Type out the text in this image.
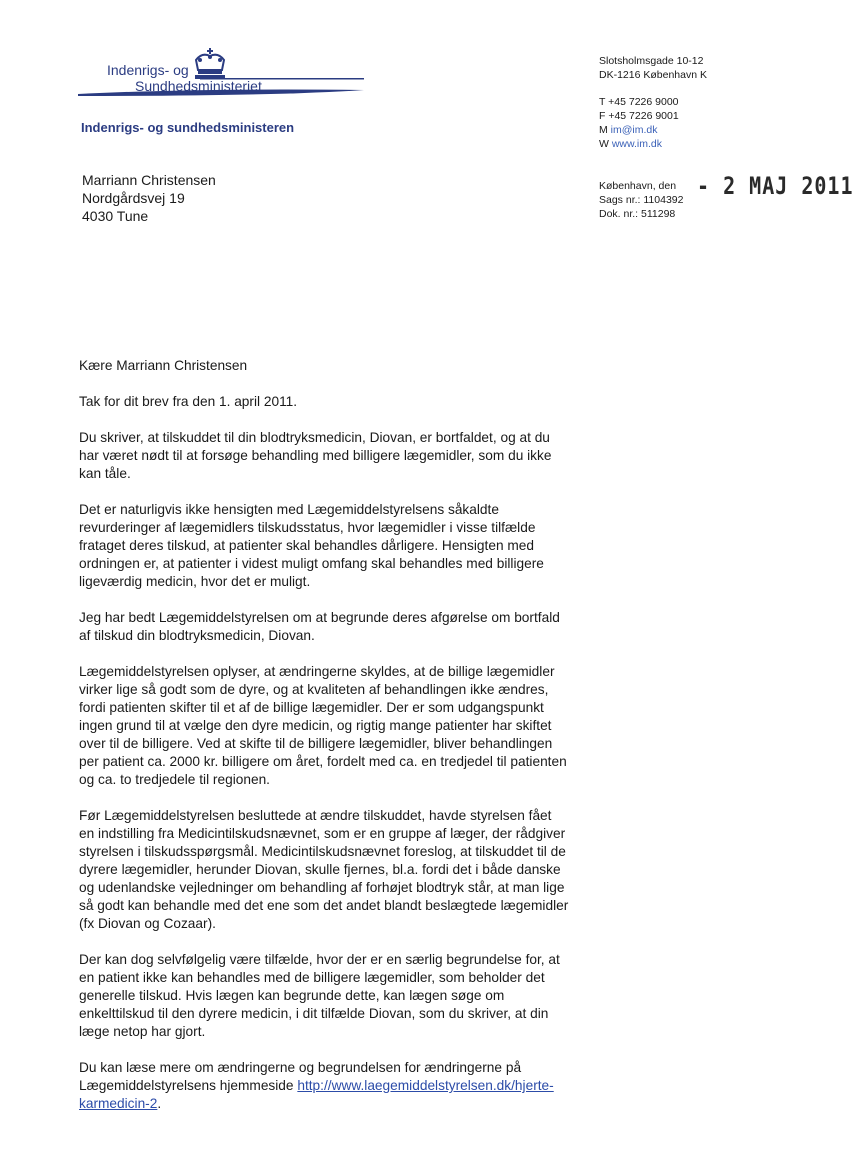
Indenrigs- og
Sundhedsministeriet
Indenrigs- og sundhedsministeren
Slotsholmsgade 10-12
DK-1216 København K
T +45 7226 9000
F +45 7226 9001
M im@im.dk
W www.im.dk
København, den
Sags nr.: 1104392
Dok. nr.: 511298
- 2 MAJ 2011
Marriann Christensen
Nordgårdsvej 19
4030 Tune

Kære Marriann Christensen

Tak for dit brev fra den 1. april 2011.

Du skriver, at tilskuddet til din blodtryksmedicin, Diovan, er bortfaldet, og at du har været nødt til at forsøge behandling med billigere lægemidler, som du ikke kan tåle.

Det er naturligvis ikke hensigten med Lægemiddelstyrelsens såkaldte revurderinger af lægemidlers tilskudsstatus, hvor lægemidler i visse tilfælde frataget deres tilskud, at patienter skal behandles dårligere. Hensigten med ordningen er, at patienter i videst muligt omfang skal behandles med billigere ligeværdig medicin, hvor det er muligt.

Jeg har bedt Lægemiddelstyrelsen om at begrunde deres afgørelse om bortfald af tilskud din blodtryksmedicin, Diovan.

Lægemiddelstyrelsen oplyser, at ændringerne skyldes, at de billige lægemidler virker lige så godt som de dyre, og at kvaliteten af behandlingen ikke ændres, fordi patienten skifter til et af de billige lægemidler. Der er som udgangspunkt ingen grund til at vælge den dyre medicin, og rigtig mange patienter har skiftet over til de billigere. Ved at skifte til de billigere lægemidler, bliver behandlingen per patient ca. 2000 kr. billigere om året, fordelt med ca. en tredjedel til patienten og ca. to tredjedele til regionen.

Før Lægemiddelstyrelsen besluttede at ændre tilskuddet, havde styrelsen fået en indstilling fra Medicintilskudsnævnet, som er en gruppe af læger, der rådgiver styrelsen i tilskudsspørgsmål. Medicintilskudsnævnet foreslog, at tilskuddet til de dyrere lægemidler, herunder Diovan, skulle fjernes, bl.a. fordi det i både danske og udenlandske vejledninger om behandling af forhøjet blodtryk står, at man lige så godt kan behandle med det ene som det andet blandt beslægtede lægemidler (fx Diovan og Cozaar).

Der kan dog selvfølgelig være tilfælde, hvor der er en særlig begrundelse for, at en patient ikke kan behandles med de billigere lægemidler, som beholder det generelle tilskud. Hvis lægen kan begrunde dette, kan lægen søge om enkelttilskud til den dyrere medicin, i dit tilfælde Diovan, som du skriver, at din læge netop har gjort.

Du kan læse mere om ændringerne og begrundelsen for ændringerne på Lægemiddelstyrelsens hjemmeside http://www.laegemiddelstyrelsen.dk/hjerte-karmedicin-2.
